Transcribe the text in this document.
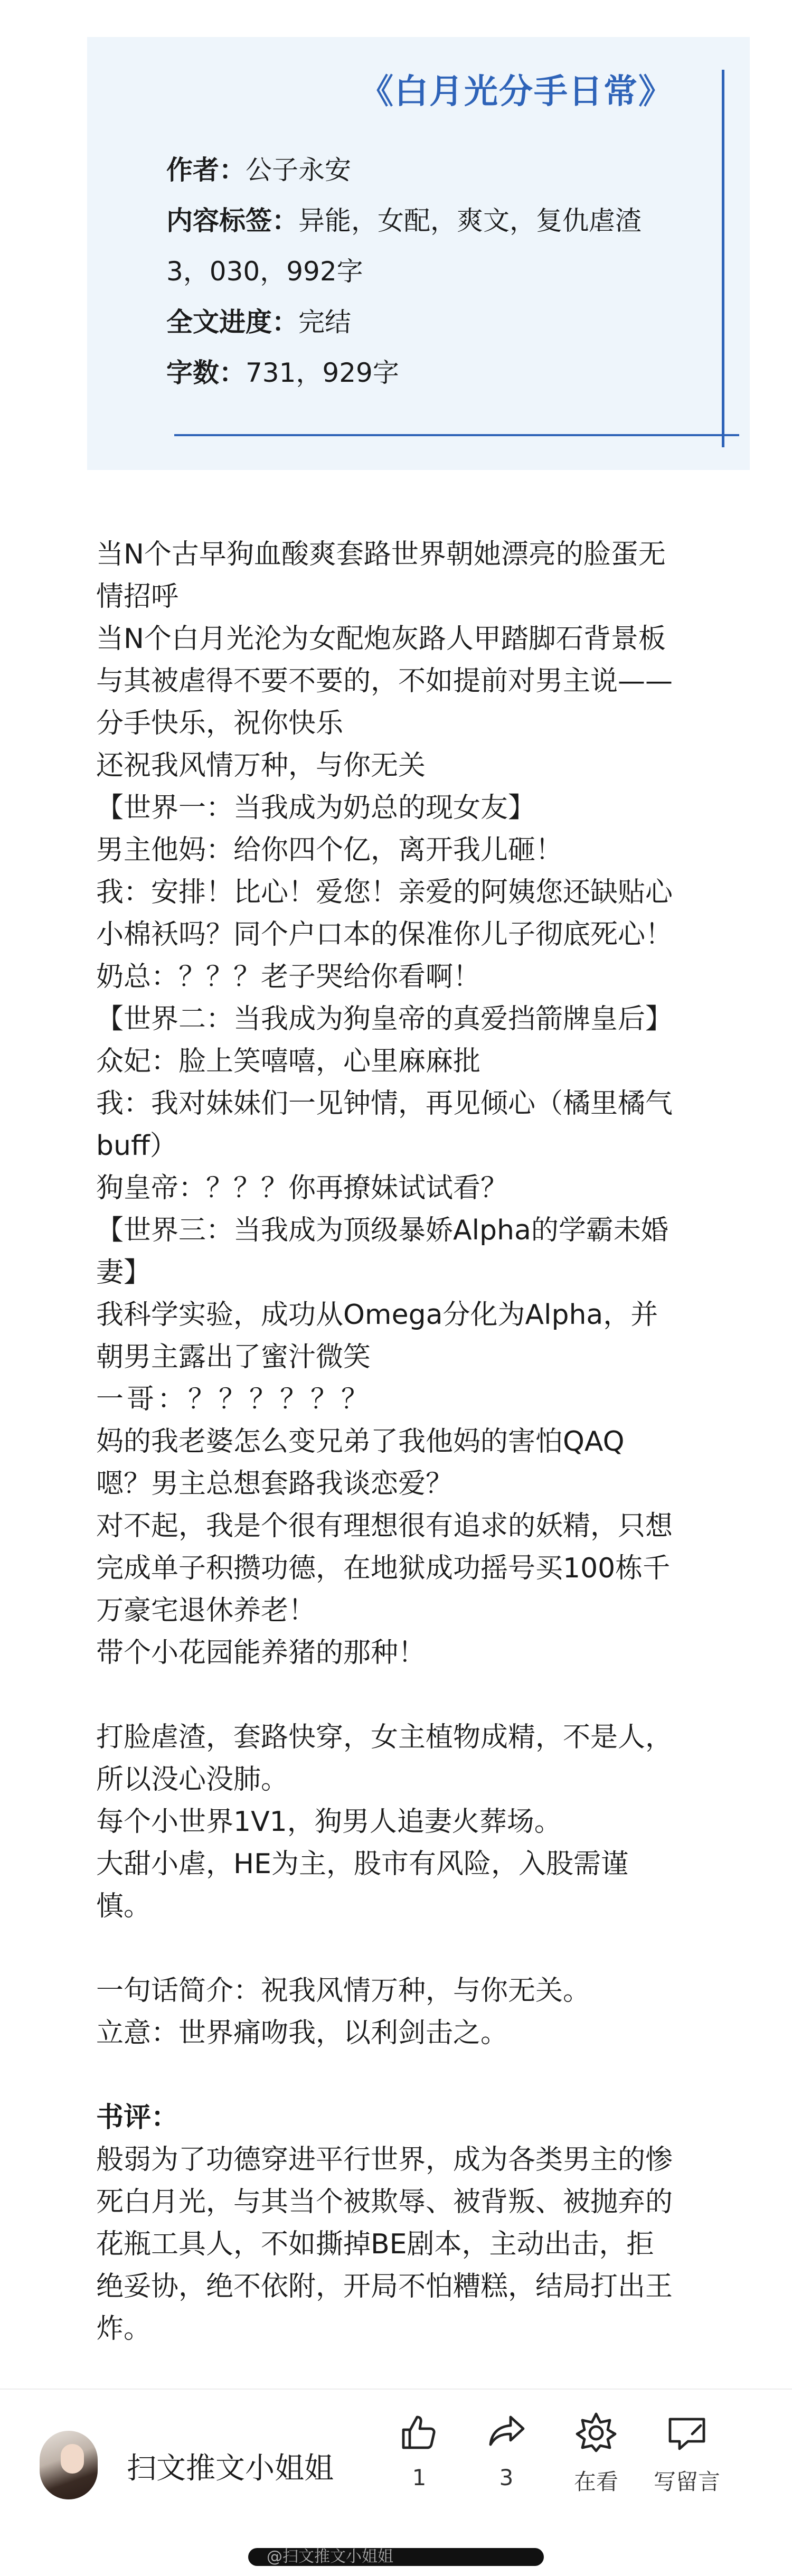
《白月光分手日常》
作者：公子永安
内容标签：异能，女配，爽文，复仇虐渣
3，030，992字
全文进度：完结
字数：731，929字
当N个古早狗血酸爽套路世界朝她漂亮的脸蛋无
情招呼
当N个白月光沦为女配炮灰路人甲踏脚石背景板
与其被虐得不要不要的，不如提前对男主说——
分手快乐，祝你快乐
还祝我风情万种，与你无关
【世界一：当我成为奶总的现女友】
男主他妈：给你四个亿，离开我儿砸！
我：安排！比心！爱您！亲爱的阿姨您还缺贴心
小棉袄吗？同个户口本的保准你儿子彻底死心！
奶总：？？？老子哭给你看啊！
【世界二：当我成为狗皇帝的真爱挡箭牌皇后】
众妃：脸上笑嘻嘻，心里麻麻批
我：我对妹妹们一见钟情，再见倾心（橘里橘气
buff）
狗皇帝：？？？你再撩妹试试看？
【世界三：当我成为顶级暴娇Alpha的学霸未婚
妻】
我科学实验，成功从Omega分化为Alpha，并
朝男主露出了蜜汁微笑
一哥：？？？？？？
妈的我老婆怎么变兄弟了我他妈的害怕QAQ
嗯？男主总想套路我谈恋爱？
对不起，我是个很有理想很有追求的妖精，只想
完成单子积攒功德，在地狱成功摇号买100栋千
万豪宅退休养老！
带个小花园能养猪的那种！
打脸虐渣，套路快穿，女主植物成精，不是人，
所以没心没肺。
每个小世界1V1，狗男人追妻火葬场。
大甜小虐，HE为主，股市有风险，入股需谨
慎。
一句话简介：祝我风情万种，与你无关。
立意：世界痛吻我，以利剑击之。
书评：
般弱为了功德穿进平行世界，成为各类男主的惨
死白月光，与其当个被欺辱、被背叛、被抛弃的
花瓶工具人，不如撕掉BE剧本，主动出击，拒
绝妥协，绝不依附，开局不怕糟糕，结局打出王
炸。
扫文推文小姐姐	1	3	在看	写留言
@扫文推文小姐姐
